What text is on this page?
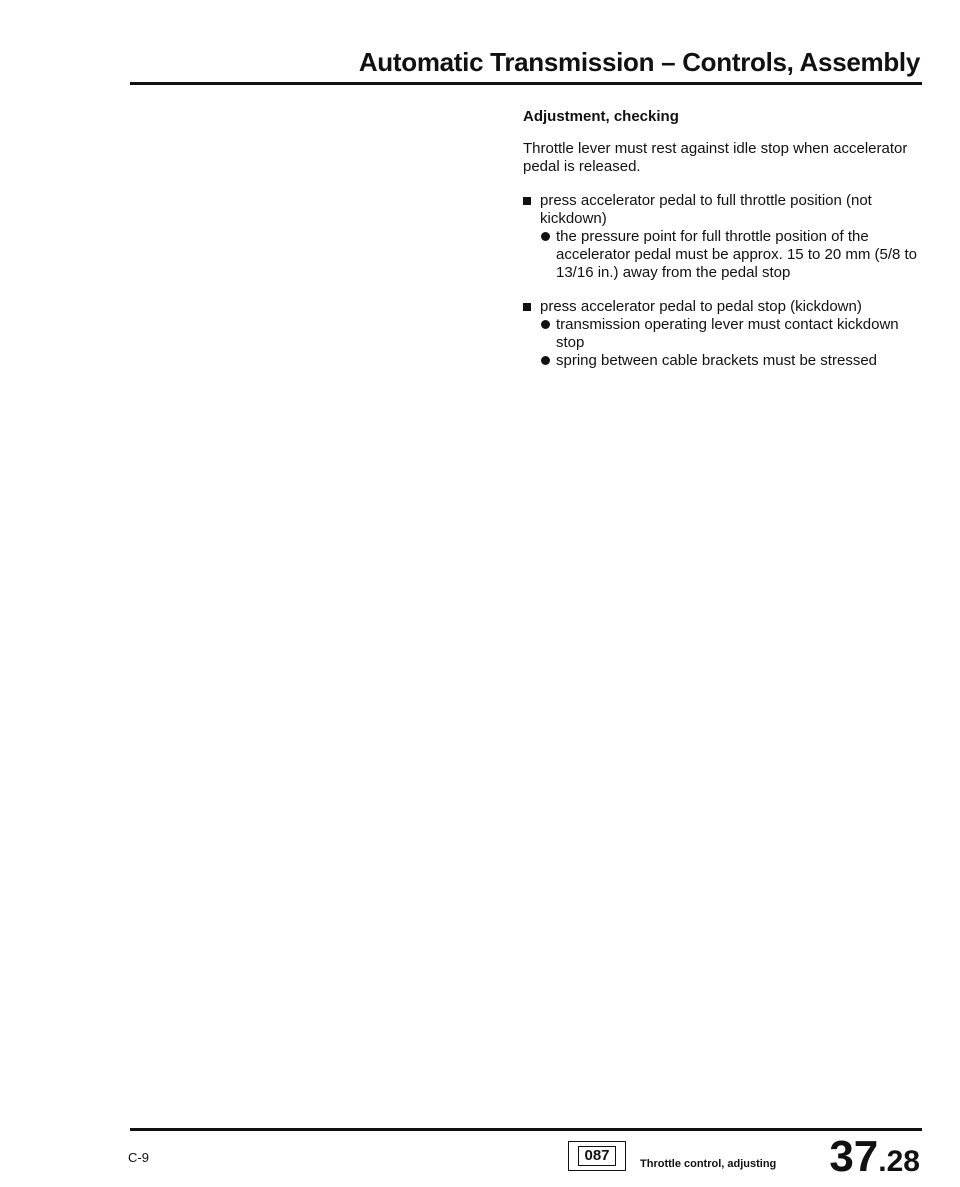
Automatic Transmission – Controls, Assembly
Adjustment, checking
Throttle lever must rest against idle stop when accelerator pedal is released.
press accelerator pedal to full throttle position (not kickdown)
the pressure point for full throttle position of the accelerator pedal must be approx. 15 to 20 mm (5/8 to 13/16 in.) away from the pedal stop
press accelerator pedal to pedal stop (kickdown)
transmission operating lever must contact kickdown stop
spring between cable brackets must be stressed
C-9	087	Throttle control, adjusting 37.28
